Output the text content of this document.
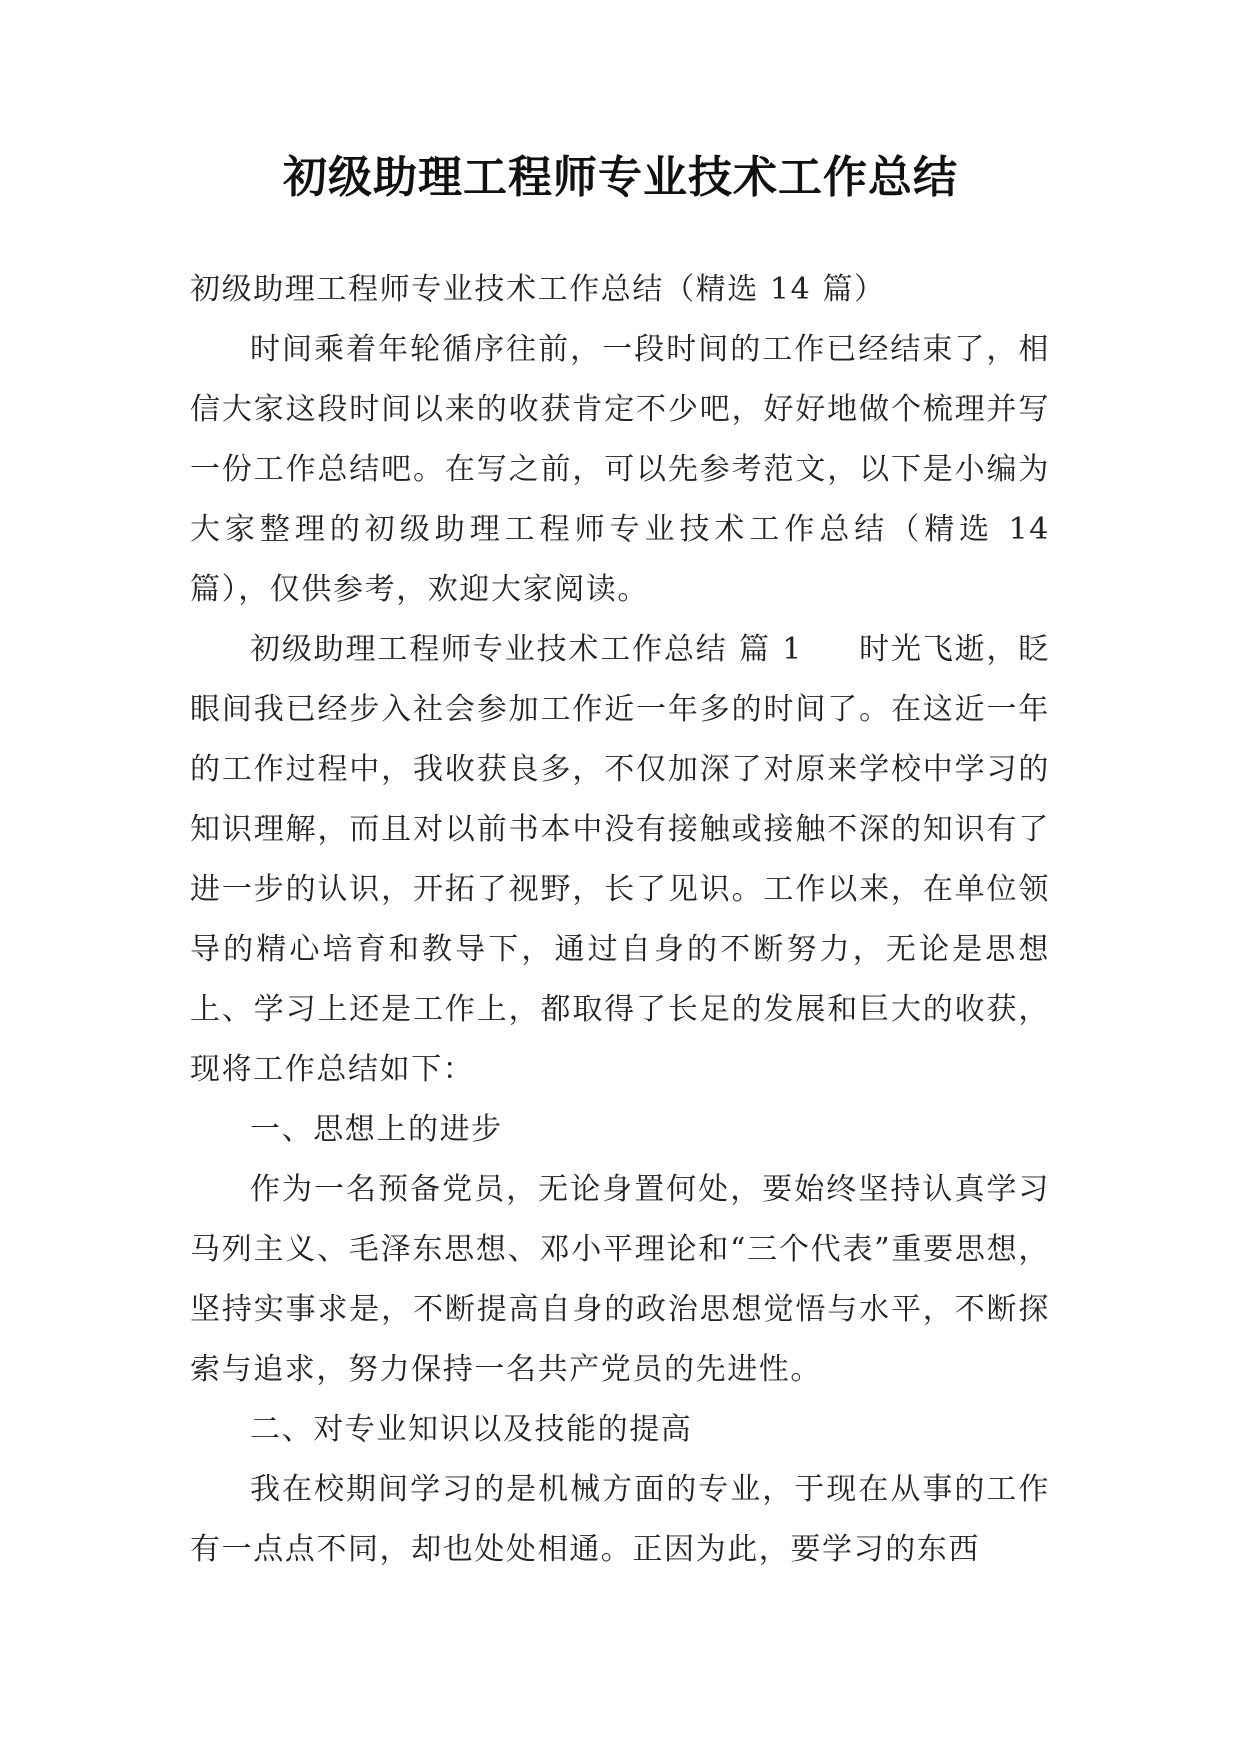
初级助理工程师专业技术工作总结

初级助理工程师专业技术工作总结（精选 14 篇）

时间乘着年轮循序往前，一段时间的工作已经结束了，相信大家这段时间以来的收获肯定不少吧，好好地做个梳理并写一份工作总结吧。在写之前，可以先参考范文，以下是小编为大家整理的初级助理工程师专业技术工作总结（精选 14 篇），仅供参考，欢迎大家阅读。

初级助理工程师专业技术工作总结 篇 1 时光飞逝，眨眼间我已经步入社会参加工作近一年多的时间了。在这近一年的工作过程中，我收获良多，不仅加深了对原来学校中学习的知识理解，而且对以前书本中没有接触或接触不深的知识有了进一步的认识，开拓了视野，长了见识。工作以来，在单位领导的精心培育和教导下，通过自身的不断努力，无论是思想上、学习上还是工作上，都取得了长足的发展和巨大的收获，现将工作总结如下：

一、思想上的进步

作为一名预备党员，无论身置何处，要始终坚持认真学习马列主义、毛泽东思想、邓小平理论和“三个代表”重要思想，坚持实事求是，不断提高自身的政治思想觉悟与水平，不断探索与追求，努力保持一名共产党员的先进性。

二、对专业知识以及技能的提高

我在校期间学习的是机械方面的专业，于现在从事的工作有一点点不同，却也处处相通。正因为此，要学习的东西
